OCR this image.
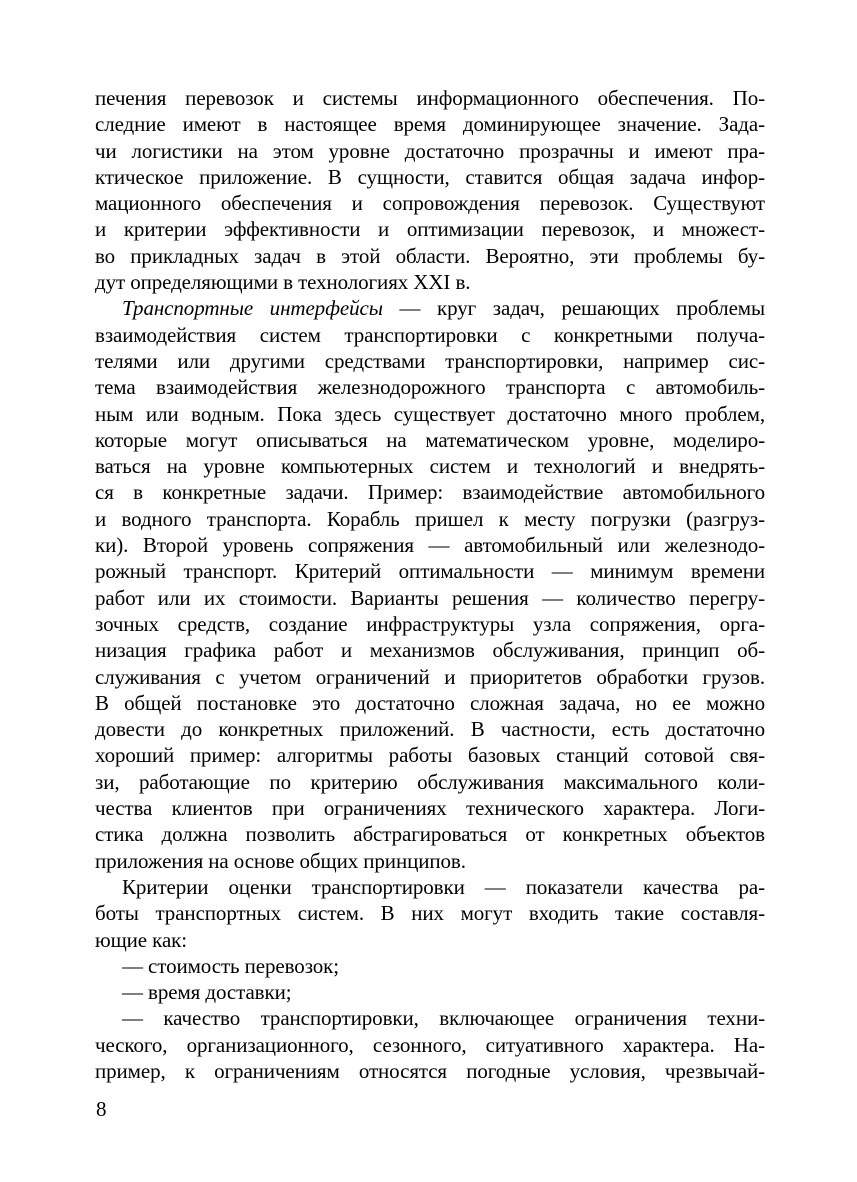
печения перевозок и системы информационного обеспечения. По-
следние имеют в настоящее время доминирующее значение. Зада-
чи логистики на этом уровне достаточно прозрачны и имеют пра-
ктическое приложение. В сущности, ставится общая задача инфор-
мационного обеспечения и сопровождения перевозок. Существуют
и критерии эффективности и оптимизации перевозок, и множест-
во прикладных задач в этой области. Вероятно, эти проблемы бу-
дут определяющими в технологиях XXI в.
Транспортные интерфейсы — круг задач, решающих проблемы
взаимодействия систем транспортировки с конкретными получа-
телями или другими средствами транспортировки, например сис-
тема взаимодействия железнодорожного транспорта с автомобиль-
ным или водным. Пока здесь существует достаточно много проблем,
которые могут описываться на математическом уровне, моделиро-
ваться на уровне компьютерных систем и технологий и внедрять-
ся в конкретные задачи. Пример: взаимодействие автомобильного
и водного транспорта. Корабль пришел к месту погрузки (разгруз-
ки). Второй уровень сопряжения — автомобильный или железнодо-
рожный транспорт. Критерий оптимальности — минимум времени
работ или их стоимости. Варианты решения — количество перегру-
зочных средств, создание инфраструктуры узла сопряжения, орга-
низация графика работ и механизмов обслуживания, принцип об-
служивания с учетом ограничений и приоритетов обработки грузов.
В общей постановке это достаточно сложная задача, но ее можно
довести до конкретных приложений. В частности, есть достаточно
хороший пример: алгоритмы работы базовых станций сотовой свя-
зи, работающие по критерию обслуживания максимального коли-
чества клиентов при ограничениях технического характера. Логи-
стика должна позволить абстрагироваться от конкретных объектов
приложения на основе общих принципов.
Критерии оценки транспортировки — показатели качества ра-
боты транспортных систем. В них могут входить такие составля-
ющие как:
— стоимость перевозок;
— время доставки;
— качество транспортировки, включающее ограничения техни-
ческого, организационного, сезонного, ситуативного характера. На-
пример, к ограничениям относятся погодные условия, чрезвычай-
8
